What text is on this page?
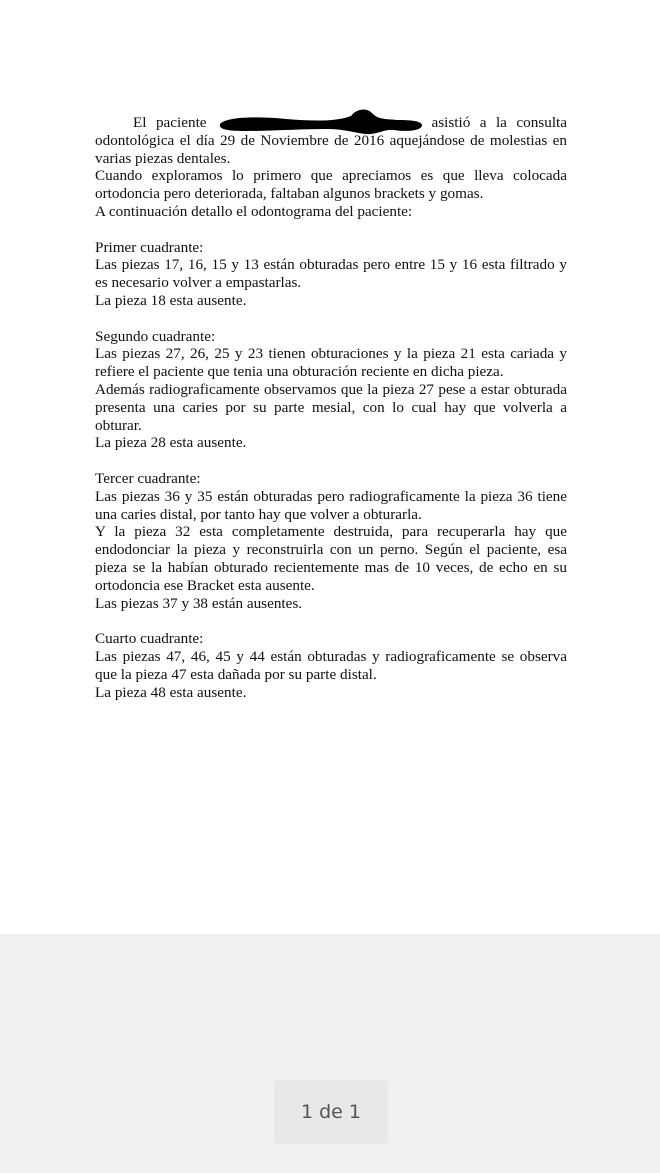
El paciente	asistió a la consulta odontológica el día 29 de Noviembre de 2016 aquejándose de molestias en varias piezas dentales.

Cuando exploramos lo primero que apreciamos es que lleva colocada ortodoncia pero deteriorada, faltaban algunos brackets y gomas.

A continuación detallo el odontograma del paciente:

Primer cuadrante:

Las piezas 17, 16, 15 y 13 están obturadas pero entre 15 y 16 esta filtrado y es necesario volver a empastarlas.

La pieza 18 esta ausente.

Segundo cuadrante:

Las piezas 27, 26, 25 y 23 tienen obturaciones y la pieza 21 esta cariada y refiere el paciente que tenia una obturación reciente en dicha pieza.

Además radiograficamente observamos que la pieza 27 pese a estar obturada presenta una caries por su parte mesial, con lo cual hay que volverla a obturar.

La pieza 28 esta ausente.

Tercer cuadrante:

Las piezas 36 y 35 están obturadas pero radiograficamente la pieza 36 tiene una caries distal, por tanto hay que volver a obturarla.

Y la pieza 32 esta completamente destruida, para recuperarla hay que endodonciar la pieza y reconstruirla con un perno. Según el paciente, esa pieza se la habían obturado recientemente mas de 10 veces, de echo en su ortodoncia ese Bracket esta ausente.

Las piezas 37 y 38 están ausentes.

Cuarto cuadrante:

Las piezas 47, 46, 45 y 44 están obturadas y radiograficamente se observa que la pieza 47 esta dañada por su parte distal.

La pieza 48 esta ausente.

1 de 1
